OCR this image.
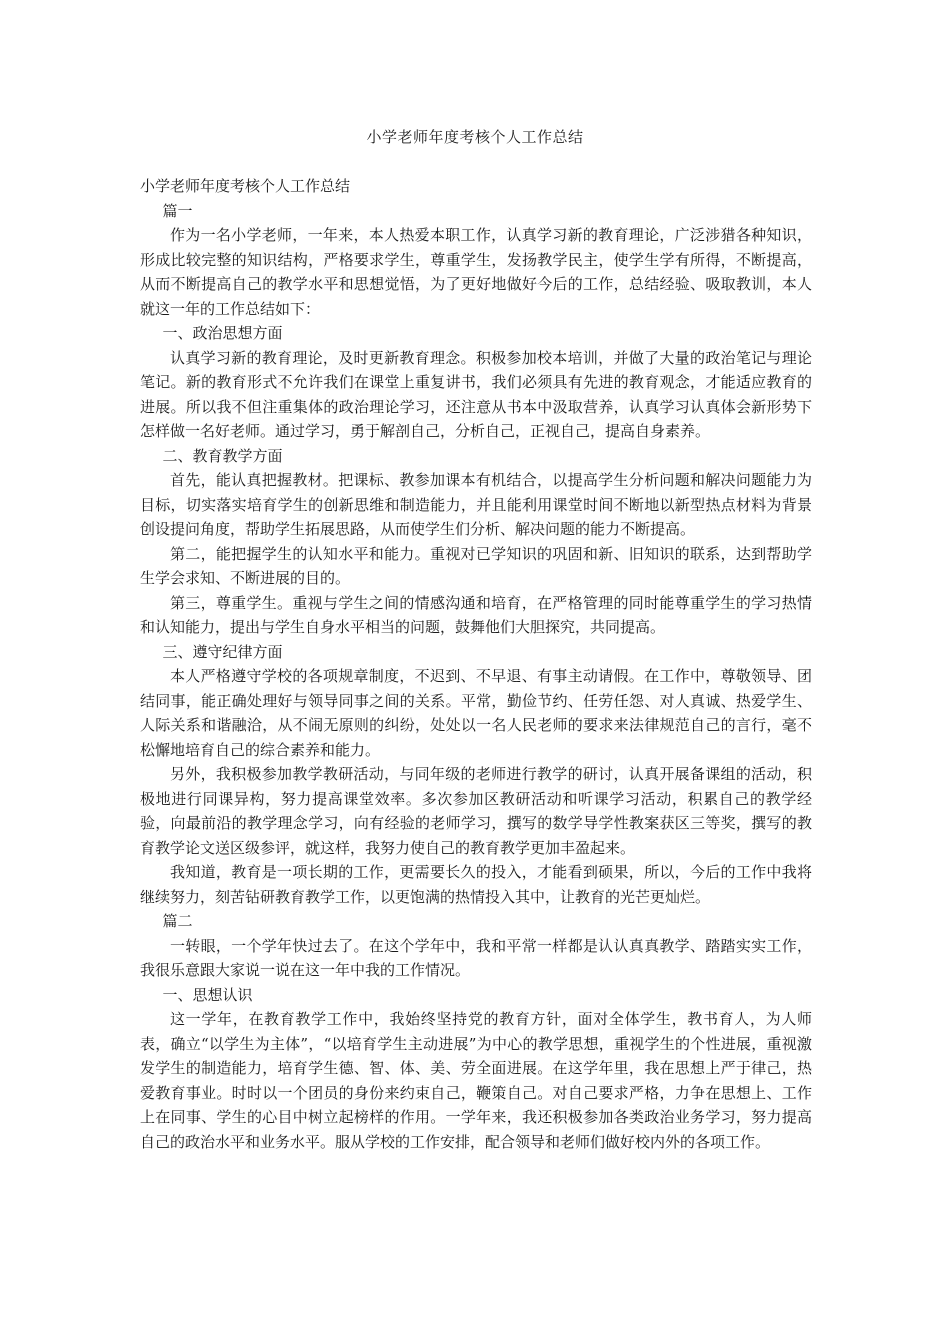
小学老师年度考核个人工作总结

小学老师年度考核个人工作总结

篇一

作为一名小学老师，一年来，本人热爱本职工作，认真学习新的教育理论，广泛涉猎各种知识，形成比较完整的知识结构，严格要求学生，尊重学生，发扬教学民主，使学生学有所得，不断提高，从而不断提高自己的教学水平和思想觉悟，为了更好地做好今后的工作，总结经验、吸取教训，本人就这一年的工作总结如下：

一、政治思想方面

认真学习新的教育理论，及时更新教育理念。积极参加校本培训，并做了大量的政治笔记与理论笔记。新的教育形式不允许我们在课堂上重复讲书，我们必须具有先进的教育观念，才能适应教育的进展。所以我不但注重集体的政治理论学习，还注意从书本中汲取营养，认真学习认真体会新形势下怎样做一名好老师。通过学习，勇于解剖自己，分析自己，正视自己，提高自身素养。

二、教育教学方面

首先，能认真把握教材。把课标、教参加课本有机结合，以提高学生分析问题和解决问题能力为目标，切实落实培育学生的创新思维和制造能力，并且能利用课堂时间不断地以新型热点材料为背景创设提问角度，帮助学生拓展思路，从而使学生们分析、解决问题的能力不断提高。

第二，能把握学生的认知水平和能力。重视对已学知识的巩固和新、旧知识的联系，达到帮助学生学会求知、不断进展的目的。

第三，尊重学生。重视与学生之间的情感沟通和培育，在严格管理的同时能尊重学生的学习热情和认知能力，提出与学生自身水平相当的问题，鼓舞他们大胆探究，共同提高。

三、遵守纪律方面

本人严格遵守学校的各项规章制度，不迟到、不早退、有事主动请假。在工作中，尊敬领导、团结同事，能正确处理好与领导同事之间的关系。平常，勤俭节约、任劳任怨、对人真诚、热爱学生、人际关系和谐融洽，从不闹无原则的纠纷，处处以一名人民老师的要求来法律规范自己的言行，毫不松懈地培育自己的综合素养和能力。

另外，我积极参加教学教研活动，与同年级的老师进行教学的研讨，认真开展备课组的活动，积极地进行同课异构，努力提高课堂效率。多次参加区教研活动和听课学习活动，积累自己的教学经验，向最前沿的教学理念学习，向有经验的老师学习，撰写的数学导学性教案获区三等奖，撰写的教育教学论文送区级参评，就这样，我努力使自己的教育教学更加丰盈起来。

我知道，教育是一项长期的工作，更需要长久的投入，才能看到硕果，所以，今后的工作中我将继续努力，刻苦钻研教育教学工作，以更饱满的热情投入其中，让教育的光芒更灿烂。

篇二

一转眼，一个学年快过去了。在这个学年中，我和平常一样都是认认真真教学、踏踏实实工作，我很乐意跟大家说一说在这一年中我的工作情况。

一、思想认识

这一学年，在教育教学工作中，我始终坚持党的教育方针，面对全体学生，教书育人，为人师表，确立“以学生为主体”，“以培育学生主动进展”为中心的教学思想，重视学生的个性进展，重视激发学生的制造能力，培育学生德、智、体、美、劳全面进展。在这学年里，我在思想上严于律己，热爱教育事业。时时以一个团员的身份来约束自己，鞭策自己。对自己要求严格，力争在思想上、工作上在同事、学生的心目中树立起榜样的作用。一学年来，我还积极参加各类政治业务学习，努力提高自己的政治水平和业务水平。服从学校的工作安排，配合领导和老师们做好校内外的各项工作。
